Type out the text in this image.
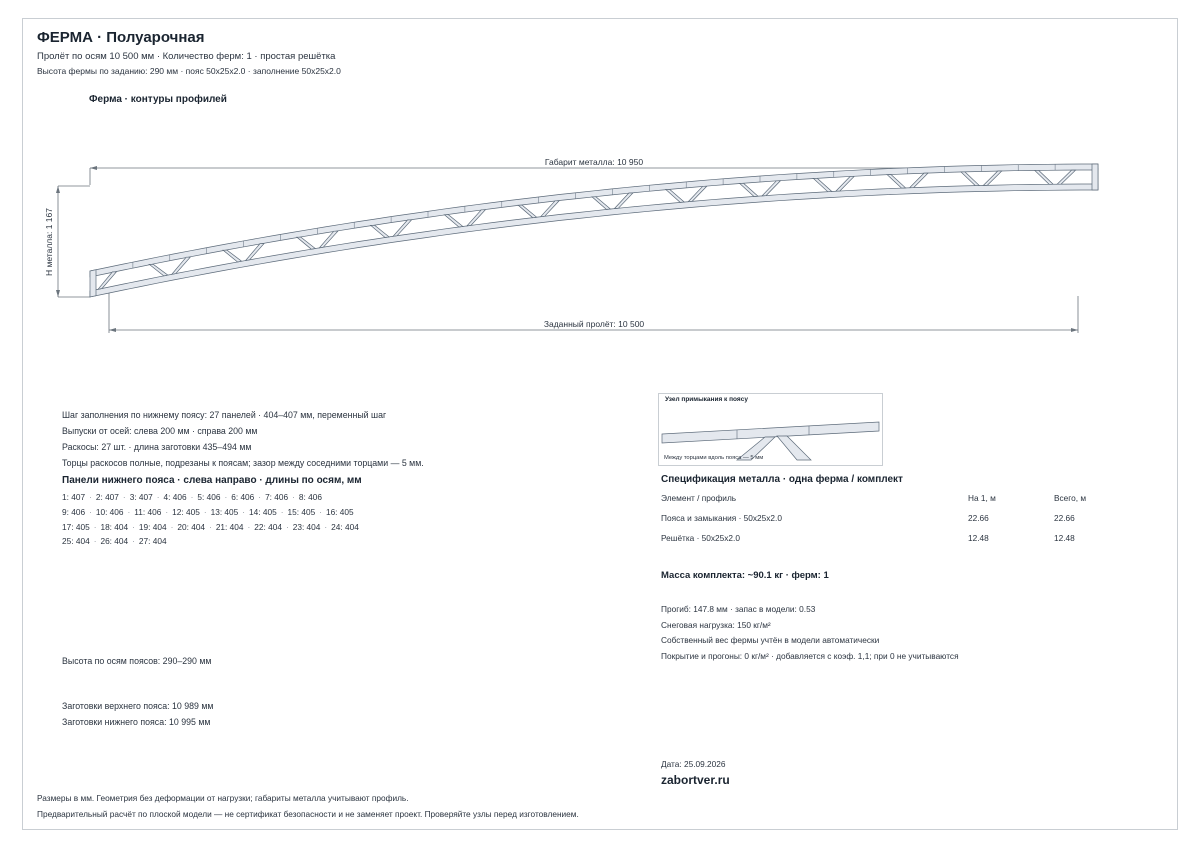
ФЕРМА · Полуарочная
Пролёт по осям 10 500 мм · Количество ферм: 1 · простая решётка
Высота фермы по заданию: 290 мм · пояс 50х25х2.0 · заполнение 50х25х2.0
Ферма · контуры профилей
Габарит металла: 10 950
Н металла: 1 167
Заданный пролёт: 10 500
Шаг заполнения по нижнему поясу: 27 панелей · 404–407 мм, переменный шаг
Выпуски от осей: слева 200 мм · справа 200 мм
Раскосы: 27 шт. · длина заготовки 435–494 мм
Торцы раскосов полные, подрезаны к поясам; зазор между соседними торцами — 5 мм.
Панели нижнего пояса · слева направо · длины по осям, мм
1: 407 · 2: 407 · 3: 407 · 4: 406 · 5: 406 · 6: 406 · 7: 406 · 8: 406
9: 406 · 10: 406 · 11: 406 · 12: 405 · 13: 405 · 14: 405 · 15: 405 · 16: 405
17: 405 · 18: 404 · 19: 404 · 20: 404 · 21: 404 · 22: 404 · 23: 404 · 24: 404
25: 404 · 26: 404 · 27: 404
Высота по осям поясов: 290–290 мм
Заготовки верхнего пояса: 10 989 мм
Заготовки нижнего пояса: 10 995 мм
Узел примыкания к поясу
Между торцами вдоль пояса — 5 мм
Спецификация металла · одна ферма / комплект
Элемент / профиль	На 1, м	Всего, м
Пояса и замыкания · 50х25х2.0	22.66	22.66
Решётка · 50х25х2.0	12.48	12.48
Масса комплекта: ~90.1 кг · ферм: 1
Прогиб: 147.8 мм · запас в модели: 0.53
Снеговая нагрузка: 150 кг/м²
Собственный вес фермы учтён в модели автоматически
Покрытие и прогоны: 0 кг/м² · добавляется с коэф. 1,1; при 0 не учитываются
Дата: 25.09.2026
zabortver.ru
Размеры в мм. Геометрия без деформации от нагрузки; габариты металла учитывают профиль.
Предварительный расчёт по плоской модели — не сертификат безопасности и не заменяет проект. Проверяйте узлы перед изготовлением.
